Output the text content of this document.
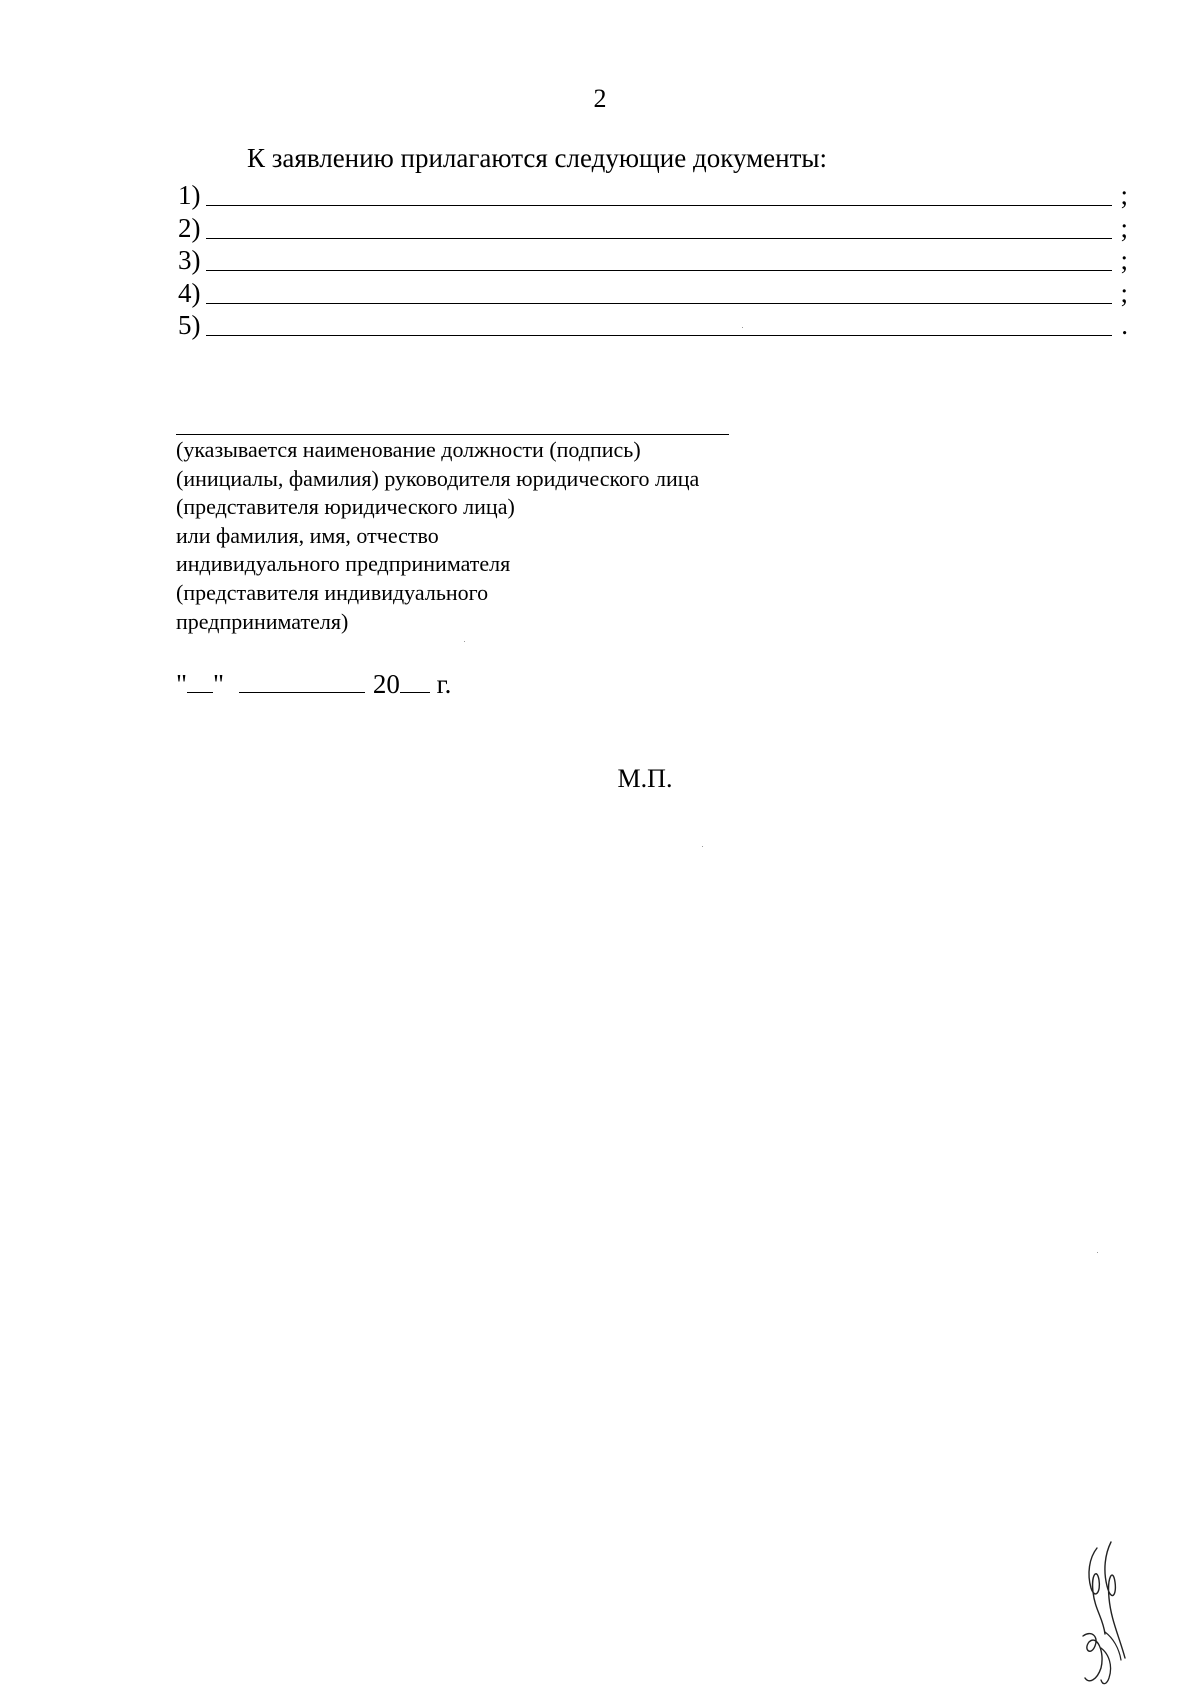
2
К заявлению прилагаются следующие документы:
1)	;
2)	;
3)	;
4)	;
5)	.
(указывается наименование должности (подпись)
(инициалы, фамилия) руководителя юридического лица
(представителя юридического лица)
или фамилия, имя, отчество
индивидуального предпринимателя
(представителя индивидуального
предпринимателя)
" "	20 г.
М.П.
